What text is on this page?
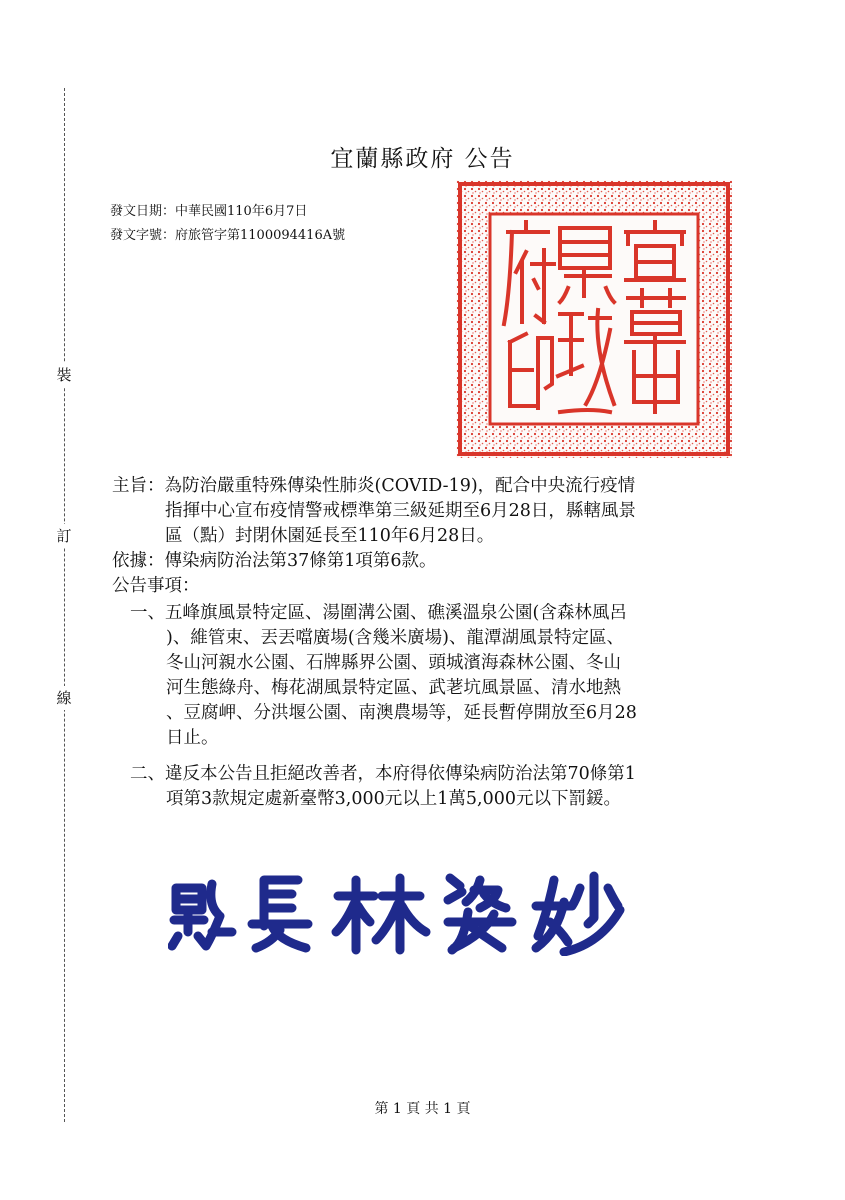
裝
訂
線
宜蘭縣政府 公告
發文日期：中華民國110年6月7日
發文字號：府旅管字第1100094416A號
主旨：為防治嚴重特殊傳染性肺炎(COVID-19)，配合中央流行疫情
指揮中心宣布疫情警戒標準第三級延期至6月28日，縣轄風景
區（點）封閉休園延長至110年6月28日。
依據：傳染病防治法第37條第1項第6款。
公告事項：
一、五峰旗風景特定區、湯圍溝公園、礁溪溫泉公園(含森林風呂
)、維管束、丟丟噹廣場(含幾米廣場)、龍潭湖風景特定區、
冬山河親水公園、石牌縣界公園、頭城濱海森林公園、冬山
河生態綠舟、梅花湖風景特定區、武荖坑風景區、清水地熱
、豆腐岬、分洪堰公園、南澳農場等，延長暫停開放至6月28
日止。
二、違反本公告且拒絕改善者，本府得依傳染病防治法第70條第1
項第3款規定處新臺幣3,000元以上1萬5,000元以下罰鍰。
第 1 頁 共 1 頁
